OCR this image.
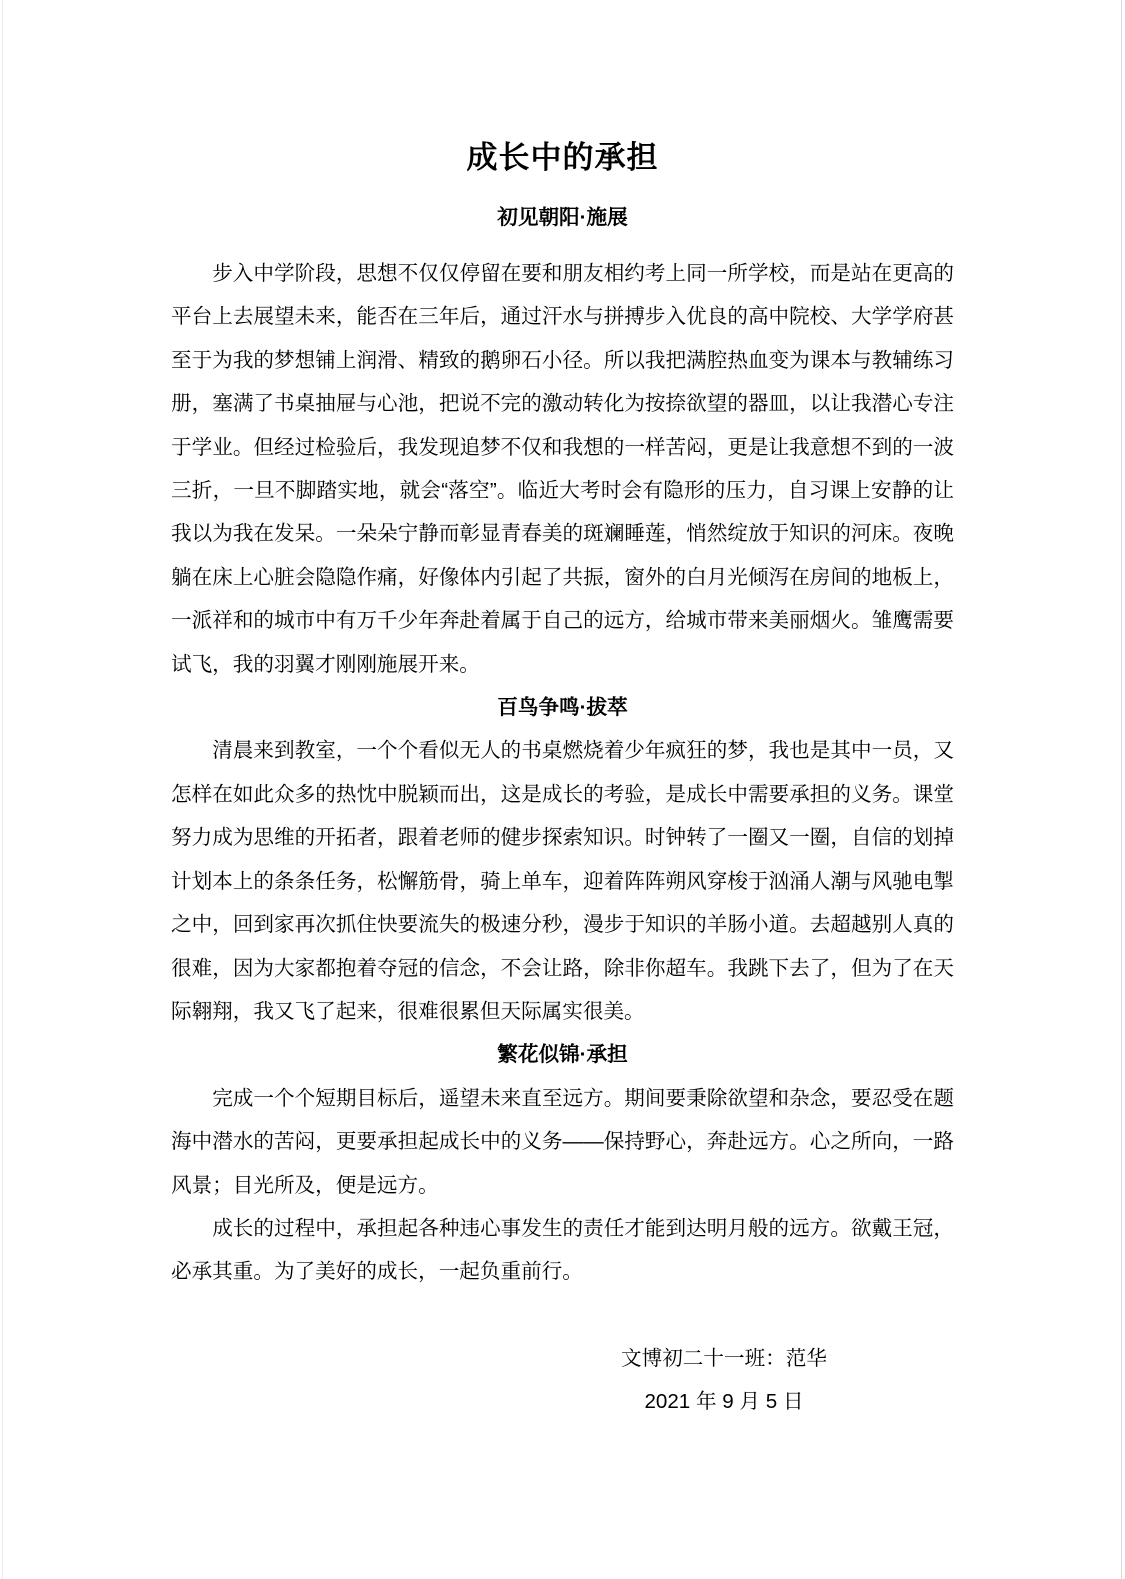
成长中的承担
初见朝阳·施展

步入中学阶段，思想不仅仅停留在要和朋友相约考上同一所学校，而是站在更高的平台上去展望未来，能否在三年后，通过汗水与拼搏步入优良的高中院校、大学学府甚至于为我的梦想铺上润滑、精致的鹅卵石小径。所以我把满腔热血变为课本与教辅练习册，塞满了书桌抽屉与心池，把说不完的激动转化为按捺欲望的器皿，以让我潜心专注于学业。但经过检验后，我发现追梦不仅和我想的一样苦闷，更是让我意想不到的一波三折，一旦不脚踏实地，就会“落空”。临近大考时会有隐形的压力，自习课上安静的让我以为我在发呆。一朵朵宁静而彰显青春美的斑斓睡莲，悄然绽放于知识的河床。夜晚躺在床上心脏会隐隐作痛，好像体内引起了共振，窗外的白月光倾泻在房间的地板上，一派祥和的城市中有万千少年奔赴着属于自己的远方，给城市带来美丽烟火。雏鹰需要试飞，我的羽翼才刚刚施展开来。

百鸟争鸣·拔萃

清晨来到教室，一个个看似无人的书桌燃烧着少年疯狂的梦，我也是其中一员，又怎样在如此众多的热忱中脱颖而出，这是成长的考验，是成长中需要承担的义务。课堂努力成为思维的开拓者，跟着老师的健步探索知识。时钟转了一圈又一圈，自信的划掉计划本上的条条任务，松懈筋骨，骑上单车，迎着阵阵朔风穿梭于汹涌人潮与风驰电掣之中，回到家再次抓住快要流失的极速分秒，漫步于知识的羊肠小道。去超越别人真的很难，因为大家都抱着夺冠的信念，不会让路，除非你超车。我跳下去了，但为了在天际翱翔，我又飞了起来，很难很累但天际属实很美。

繁花似锦·承担

完成一个个短期目标后，遥望未来直至远方。期间要秉除欲望和杂念，要忍受在题海中潜水的苦闷，更要承担起成长中的义务——保持野心，奔赴远方。心之所向，一路风景；目光所及，便是远方。

成长的过程中，承担起各种违心事发生的责任才能到达明月般的远方。欲戴王冠，必承其重。为了美好的成长，一起负重前行。

文博初二十一班：范华

2021 年 9 月 5 日
